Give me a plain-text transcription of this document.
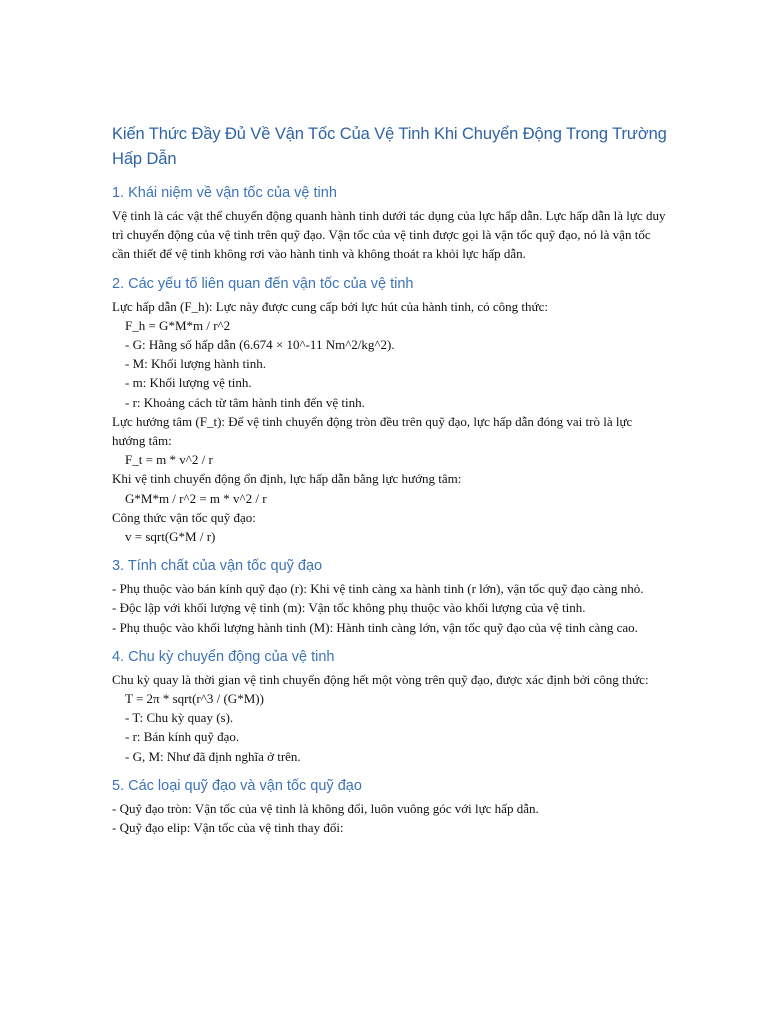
Kiến Thức Đầy Đủ Về Vận Tốc Của Vệ Tinh Khi Chuyển Động Trong Trường Hấp Dẫn
1. Khái niệm về vận tốc của vệ tinh

Vệ tinh là các vật thể chuyển động quanh hành tinh dưới tác dụng của lực hấp dẫn. Lực hấp dẫn là lực duy trì chuyển động của vệ tinh trên quỹ đạo. Vận tốc của vệ tinh được gọi là vận tốc quỹ đạo, nó là vận tốc cần thiết để vệ tinh không rơi vào hành tinh và không thoát ra khỏi lực hấp dẫn.

2. Các yếu tố liên quan đến vận tốc của vệ tinh

Lực hấp dẫn (F_h): Lực này được cung cấp bởi lực hút của hành tinh, có công thức:

F_h = G*M*m / r^2

- G: Hằng số hấp dẫn (6.674 × 10^-11 Nm^2/kg^2).

- M: Khối lượng hành tinh.

- m: Khối lượng vệ tinh.

- r: Khoảng cách từ tâm hành tinh đến vệ tinh.

Lực hướng tâm (F_t): Để vệ tinh chuyển động tròn đều trên quỹ đạo, lực hấp dẫn đóng vai trò là lực hướng tâm:

F_t = m * v^2 / r

Khi vệ tinh chuyển động ổn định, lực hấp dẫn bằng lực hướng tâm:

G*M*m / r^2 = m * v^2 / r

Công thức vận tốc quỹ đạo:

v = sqrt(G*M / r)

3. Tính chất của vận tốc quỹ đạo

- Phụ thuộc vào bán kính quỹ đạo (r): Khi vệ tinh càng xa hành tinh (r lớn), vận tốc quỹ đạo càng nhỏ.

- Độc lập với khối lượng vệ tinh (m): Vận tốc không phụ thuộc vào khối lượng của vệ tinh.

- Phụ thuộc vào khối lượng hành tinh (M): Hành tinh càng lớn, vận tốc quỹ đạo của vệ tinh càng cao.

4. Chu kỳ chuyển động của vệ tinh

Chu kỳ quay là thời gian vệ tinh chuyển động hết một vòng trên quỹ đạo, được xác định bởi công thức:

T = 2π * sqrt(r^3 / (G*M))

- T: Chu kỳ quay (s).

- r: Bán kính quỹ đạo.

- G, M: Như đã định nghĩa ở trên.

5. Các loại quỹ đạo và vận tốc quỹ đạo

- Quỹ đạo tròn: Vận tốc của vệ tinh là không đổi, luôn vuông góc với lực hấp dẫn.

- Quỹ đạo elip: Vận tốc của vệ tinh thay đổi:
